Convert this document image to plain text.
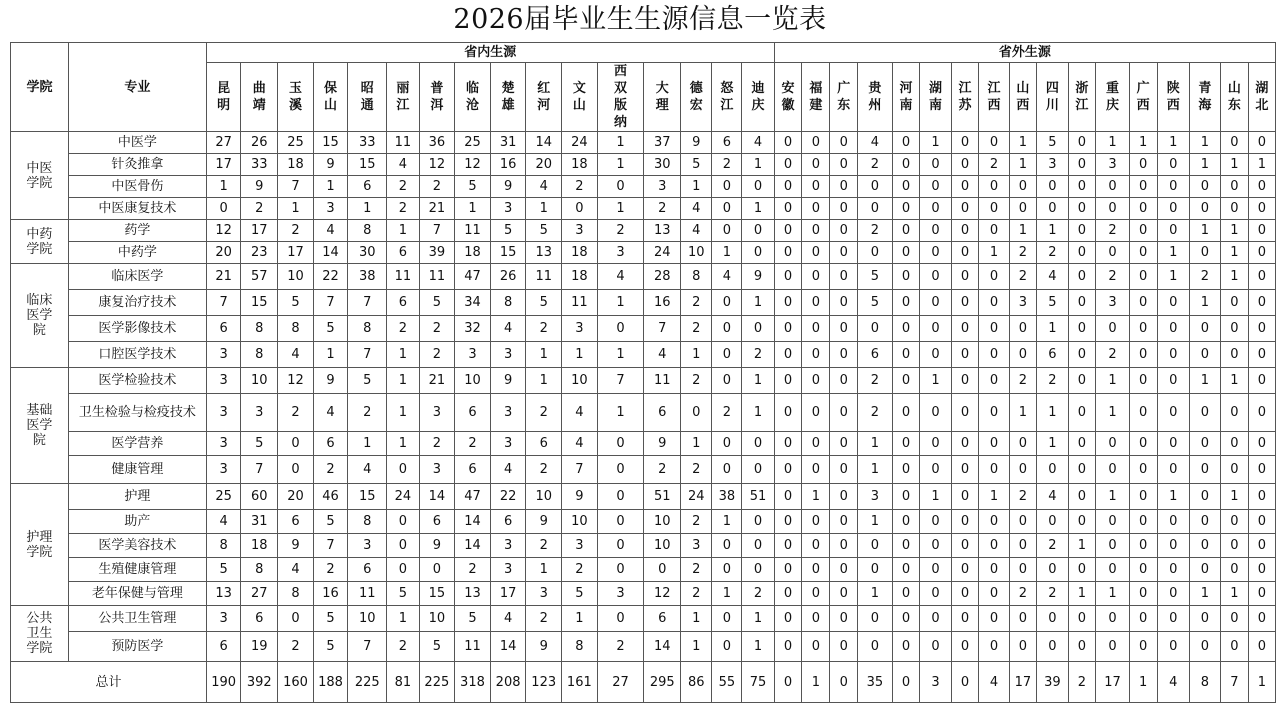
2026届毕业生生源信息一览表
学院	专业	省内生源																省外生源																
		昆明	曲靖	玉溪	保山	昭通	丽江	普洱	临沧	楚雄	红河	文山	西双版纳	大理	德宏	怒江	迪庆	安徽	福建	广东	贵州	河南	湖南	江苏	江西	山西	四川	浙江	重庆	广西	陕西	青海	山东	湖北
中医学院	中医学	27	26	25	15	33	11	36	25	31	14	24	1	37	9	6	4	0	0	0	4	0	1	0	0	1	5	0	1	1	1	1	0	0
	针灸推拿	17	33	18	9	15	4	12	12	16	20	18	1	30	5	2	1	0	0	0	2	0	0	0	2	1	3	0	3	0	0	1	1	1
	中医骨伤	1	9	7	1	6	2	2	5	9	4	2	0	3	1	0	0	0	0	0	0	0	0	0	0	0	0	0	0	0	0	0	0	0
	中医康复技术	0	2	1	3	1	2	21	1	3	1	0	1	2	4	0	1	0	0	0	0	0	0	0	0	0	0	0	0	0	0	0	0	0
中药学院	药学	12	17	2	4	8	1	7	11	5	5	3	2	13	4	0	0	0	0	0	2	0	0	0	0	1	1	0	2	0	0	1	1	0
	中药学	20	23	17	14	30	6	39	18	15	13	18	3	24	10	1	0	0	0	0	0	0	0	0	1	2	2	0	0	0	1	0	1	0
临床医学院	临床医学	21	57	10	22	38	11	11	47	26	11	18	4	28	8	4	9	0	0	0	5	0	0	0	0	2	4	0	2	0	1	2	1	0
	康复治疗技术	7	15	5	7	7	6	5	34	8	5	11	1	16	2	0	1	0	0	0	5	0	0	0	0	3	5	0	3	0	0	1	0	0
	医学影像技术	6	8	8	5	8	2	2	32	4	2	3	0	7	2	0	0	0	0	0	0	0	0	0	0	0	1	0	0	0	0	0	0	0
	口腔医学技术	3	8	4	1	7	1	2	3	3	1	1	1	4	1	0	2	0	0	0	6	0	0	0	0	0	6	0	2	0	0	0	0	0
基础医学院	医学检验技术	3	10	12	9	5	1	21	10	9	1	10	7	11	2	0	1	0	0	0	2	0	1	0	0	2	2	0	1	0	0	1	1	0
	卫生检验与检疫技术	3	3	2	4	2	1	3	6	3	2	4	1	6	0	2	1	0	0	0	2	0	0	0	0	1	1	0	1	0	0	0	0	0
	医学营养	3	5	0	6	1	1	2	2	3	6	4	0	9	1	0	0	0	0	0	1	0	0	0	0	0	1	0	0	0	0	0	0	0
	健康管理	3	7	0	2	4	0	3	6	4	2	7	0	2	2	0	0	0	0	0	1	0	0	0	0	0	0	0	0	0	0	0	0	0
护理学院	护理	25	60	20	46	15	24	14	47	22	10	9	0	51	24	38	51	0	1	0	3	0	1	0	1	2	4	0	1	0	1	0	1	0
	助产	4	31	6	5	8	0	6	14	6	9	10	0	10	2	1	0	0	0	0	1	0	0	0	0	0	0	0	0	0	0	0	0	0
	医学美容技术	8	18	9	7	3	0	9	14	3	2	3	0	10	3	0	0	0	0	0	0	0	0	0	0	0	2	1	0	0	0	0	0	0
	生殖健康管理	5	8	4	2	6	0	0	2	3	1	2	0	0	2	0	0	0	0	0	0	0	0	0	0	0	0	0	0	0	0	0	0	0
	老年保健与管理	13	27	8	16	11	5	15	13	17	3	5	3	12	2	1	2	0	0	0	1	0	0	0	0	2	2	1	1	0	0	1	1	0
公共卫生学院	公共卫生管理	3	6	0	5	10	1	10	5	4	2	1	0	6	1	0	1	0	0	0	0	0	0	0	0	0	0	0	0	0	0	0	0	0
	预防医学	6	19	2	5	7	2	5	11	14	9	8	2	14	1	0	1	0	0	0	0	0	0	0	0	0	0	0	0	0	0	0	0	0
总计		190	392	160	188	225	81	225	318	208	123	161	27	295	86	55	75	0	1	0	35	0	3	0	4	17	39	2	17	1	4	8	7	1
